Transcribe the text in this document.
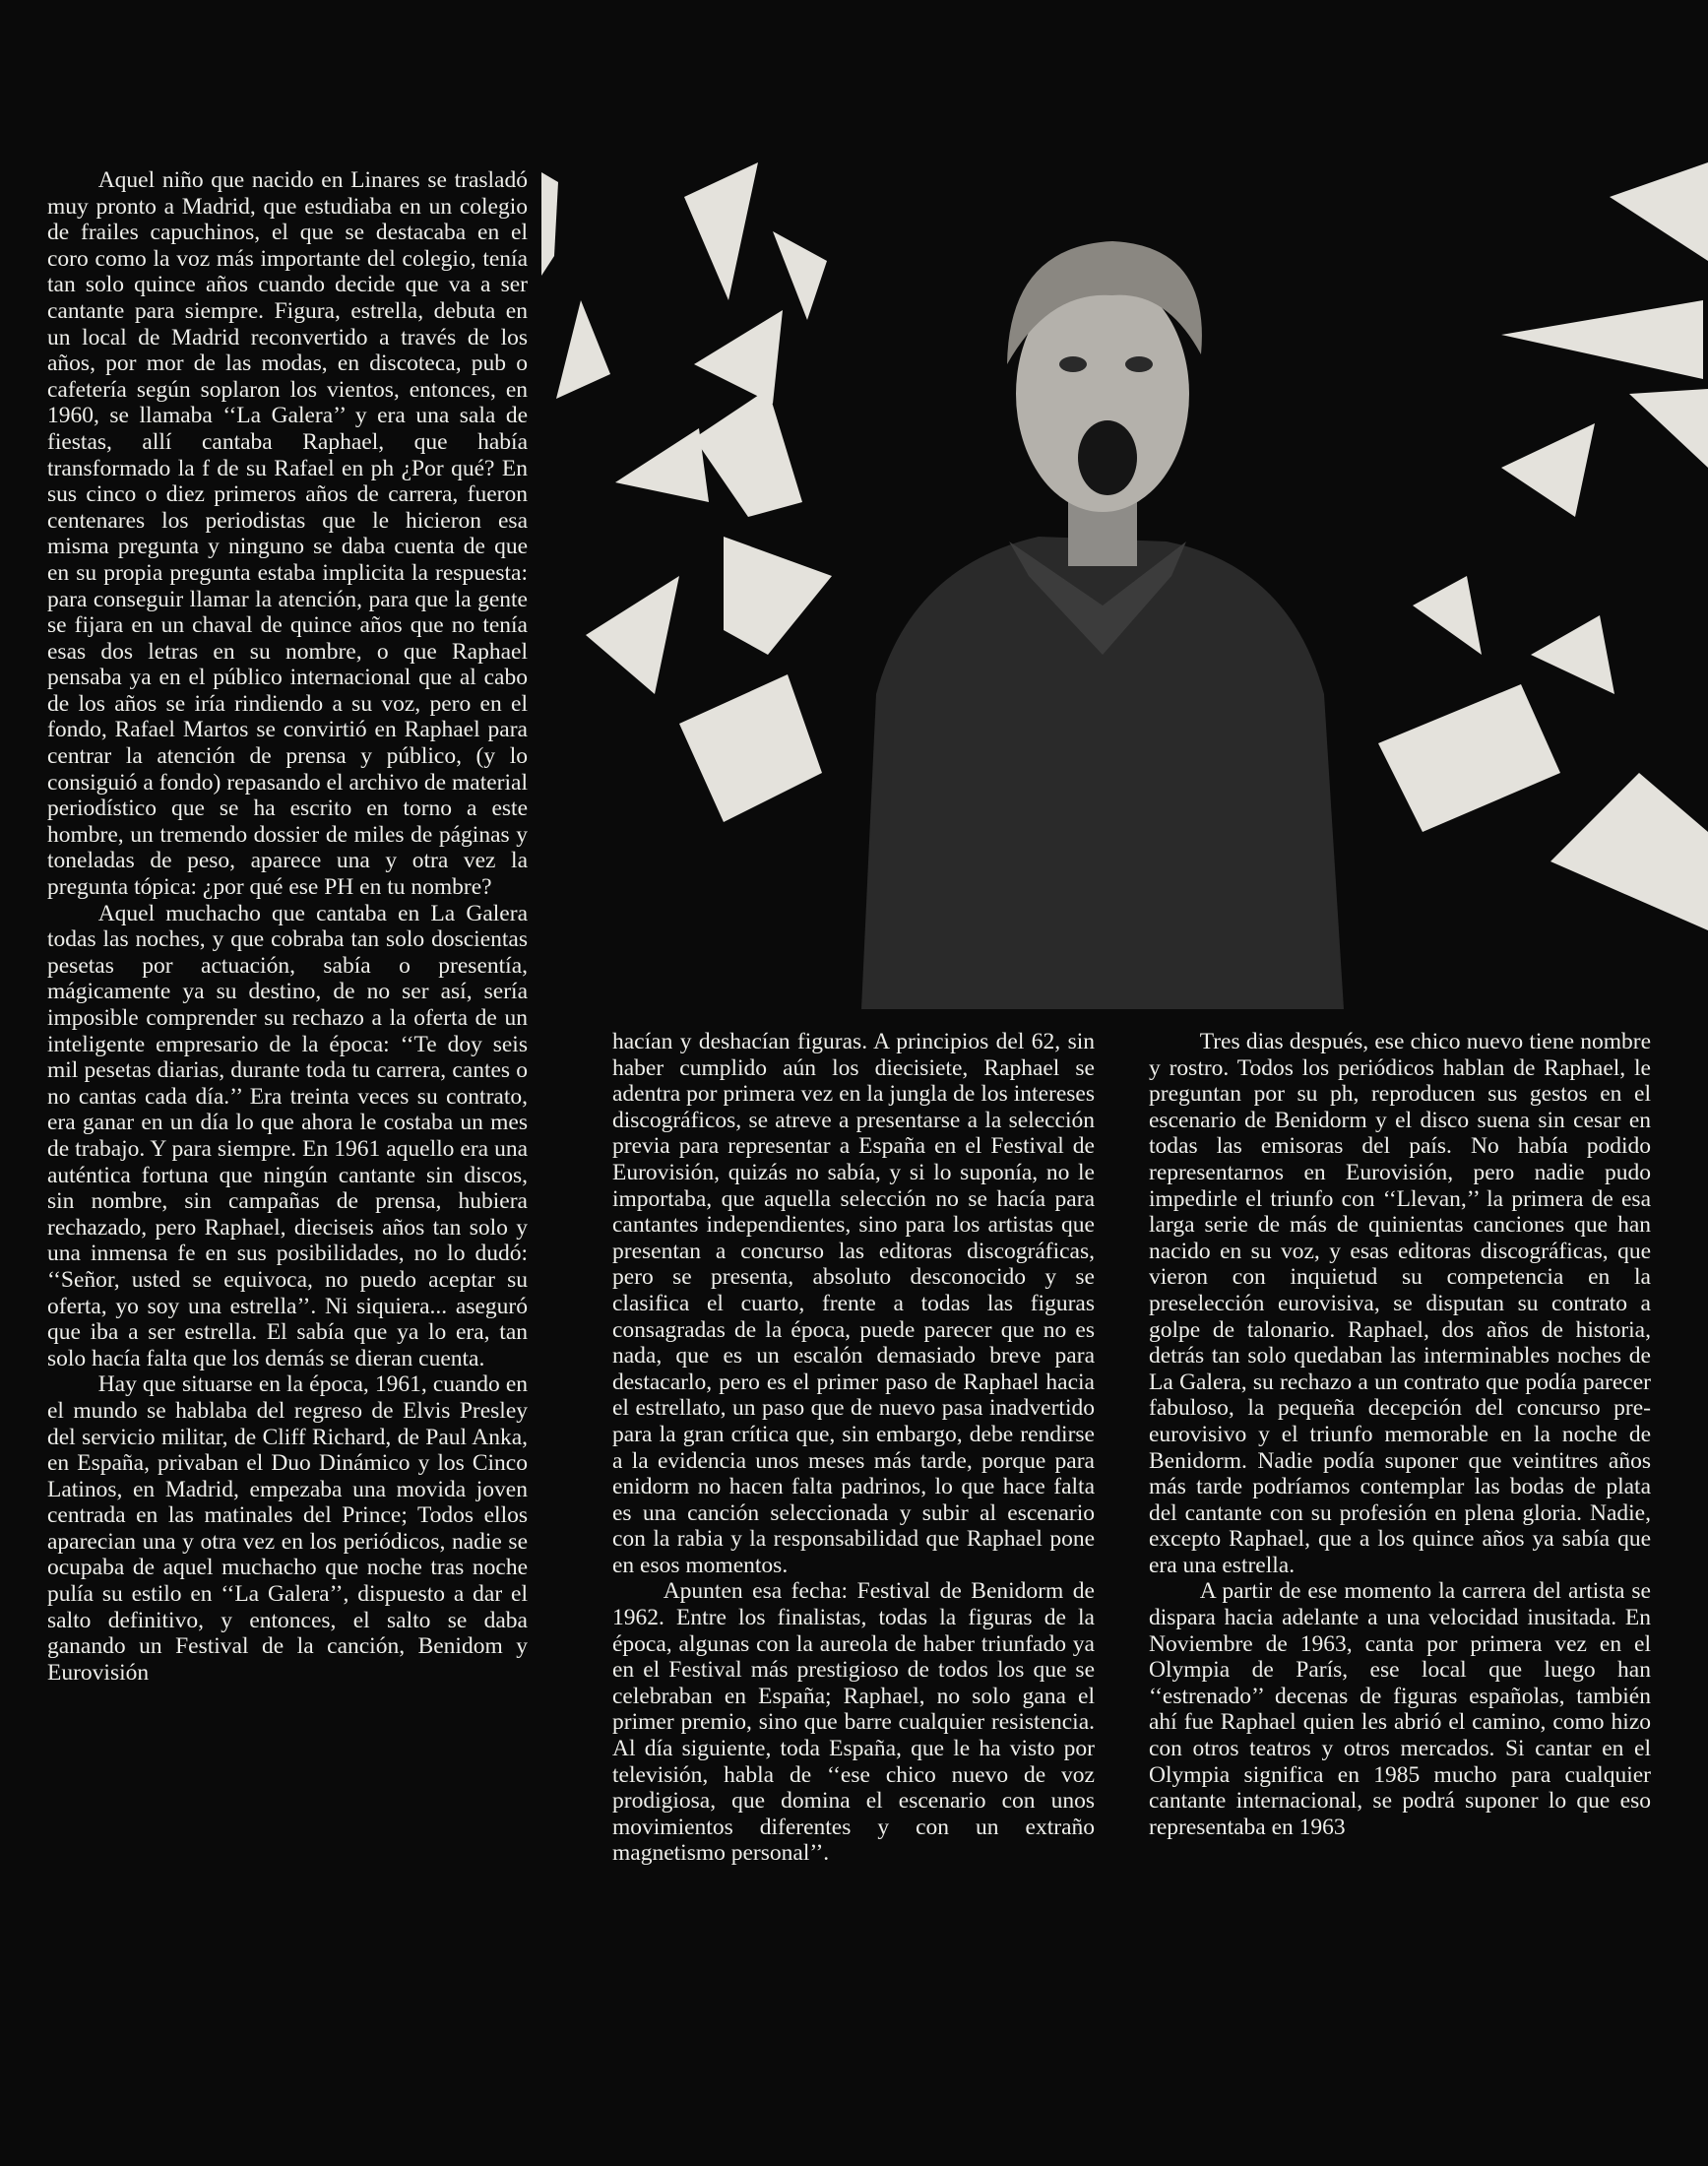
Aquel niño que nacido en Linares se trasladó muy pronto a Madrid, que estudiaba en un colegio de frailes capuchinos, el que se destacaba en el coro como la voz más importante del colegio, tenía tan solo quince años cuando decide que va a ser cantante para siempre. Figura, estrella, debuta en un local de Madrid reconvertido a través de los años, por mor de las modas, en discoteca, pub o cafetería según soplaron los vientos, entonces, en 1960, se llamaba ‘‘La Galera’’ y era una sala de fiestas, allí cantaba Raphael, que había transformado la f de su Rafael en ph ¿Por qué? En sus cinco o diez primeros años de carrera, fueron centenares los periodistas que le hicieron esa misma pregunta y ninguno se daba cuenta de que en su propia pregunta estaba implicita la respuesta: para conseguir llamar la atención, para que la gente se fijara en un chaval de quince años que no tenía esas dos letras en su nombre, o que Raphael pensaba ya en el público internacional que al cabo de los años se iría rindiendo a su voz, pero en el fondo, Rafael Martos se convirtió en Raphael para centrar la atención de prensa y público, (y lo consiguió a fondo) repasando el archivo de material periodístico que se ha escrito en torno a este hombre, un tremendo dossier de miles de páginas y toneladas de peso, aparece una y otra vez la pregunta tópica: ¿por qué ese PH en tu nombre?

Aquel muchacho que cantaba en La Galera todas las noches, y que cobraba tan solo doscientas pesetas por actuación, sabía o presentía, mágicamente ya su destino, de no ser así, sería imposible comprender su rechazo a la oferta de un inteligente empresario de la época: ‘‘Te doy seis mil pesetas diarias, durante toda tu carrera, cantes o no cantas cada día.’’ Era treinta veces su contrato, era ganar en un día lo que ahora le costaba un mes de trabajo. Y para siempre. En 1961 aquello era una auténtica fortuna que ningún cantante sin discos, sin nombre, sin campañas de prensa, hubiera rechazado, pero Raphael, dieciseis años tan solo y una inmensa fe en sus posibilidades, no lo dudó: ‘‘Señor, usted se equivoca, no puedo aceptar su oferta, yo soy una estrella’’. Ni siquiera... aseguró que iba a ser estrella. El sabía que ya lo era, tan solo hacía falta que los demás se dieran cuenta.

Hay que situarse en la época, 1961, cuando en el mundo se hablaba del regreso de Elvis Presley del servicio militar, de Cliff Richard, de Paul Anka, en España, privaban el Duo Dinámico y los Cinco Latinos, en Madrid, empezaba una movida joven centrada en las matinales del Prince; Todos ellos aparecian una y otra vez en los periódicos, nadie se ocupaba de aquel muchacho que noche tras noche pulía su estilo en ‘‘La Galera’’, dispuesto a dar el salto definitivo, y entonces, el salto se daba ganando un Festival de la canción, Benidom y Eurovisión

hacían y deshacían figuras. A principios del 62, sin haber cumplido aún los diecisiete, Raphael se adentra por primera vez en la jungla de los intereses discográficos, se atreve a presentarse a la selección previa para representar a España en el Festival de Eurovisión, quizás no sabía, y si lo suponía, no le importaba, que aquella selección no se hacía para cantantes independientes, sino para los artistas que presentan a concurso las editoras discográficas, pero se presenta, absoluto desconocido y se clasifica el cuarto, frente a todas las figuras consagradas de la época, puede parecer que no es nada, que es un escalón demasiado breve para destacarlo, pero es el primer paso de Raphael hacia el estrellato, un paso que de nuevo pasa inadvertido para la gran crítica que, sin embargo, debe rendirse a la evidencia unos meses más tarde, porque para enidorm no hacen falta padrinos, lo que hace falta es una canción seleccionada y subir al escenario con la rabia y la responsabilidad que Raphael pone en esos momentos.

Apunten esa fecha: Festival de Benidorm de 1962. Entre los finalistas, todas la figuras de la época, algunas con la aureola de haber triunfado ya en el Festival más prestigioso de todos los que se celebraban en España; Raphael, no solo gana el primer premio, sino que barre cualquier resistencia. Al día siguiente, toda España, que le ha visto por televisión, habla de ‘‘ese chico nuevo de voz prodigiosa, que domina el escenario con unos movimientos diferentes y con un extraño magnetismo personal’’.

Tres dias después, ese chico nuevo tiene nombre y rostro. Todos los periódicos hablan de Raphael, le preguntan por su ph, reproducen sus gestos en el escenario de Benidorm y el disco suena sin cesar en todas las emisoras del país. No había podido representarnos en Eurovisión, pero nadie pudo impedirle el triunfo con ‘‘Llevan,’’ la primera de esa larga serie de más de quinientas canciones que han nacido en su voz, y esas editoras discográficas, que vieron con inquietud su competencia en la preselección eurovisiva, se disputan su contrato a golpe de talonario. Raphael, dos años de historia, detrás tan solo quedaban las interminables noches de La Galera, su rechazo a un contrato que podía parecer fabuloso, la pequeña decepción del concurso pre-eurovisivo y el triunfo memorable en la noche de Benidorm. Nadie podía suponer que veintitres años más tarde podríamos contemplar las bodas de plata del cantante con su profesión en plena gloria. Nadie, excepto Raphael, que a los quince años ya sabía que era una estrella.

A partir de ese momento la carrera del artista se dispara hacia adelante a una velocidad inusitada. En Noviembre de 1963, canta por primera vez en el Olympia de París, ese local que luego han ‘‘estrenado’’ decenas de figuras españolas, también ahí fue Raphael quien les abrió el camino, como hizo con otros teatros y otros mercados. Si cantar en el Olympia significa en 1985 mucho para cualquier cantante internacional, se podrá suponer lo que eso representaba en 1963
